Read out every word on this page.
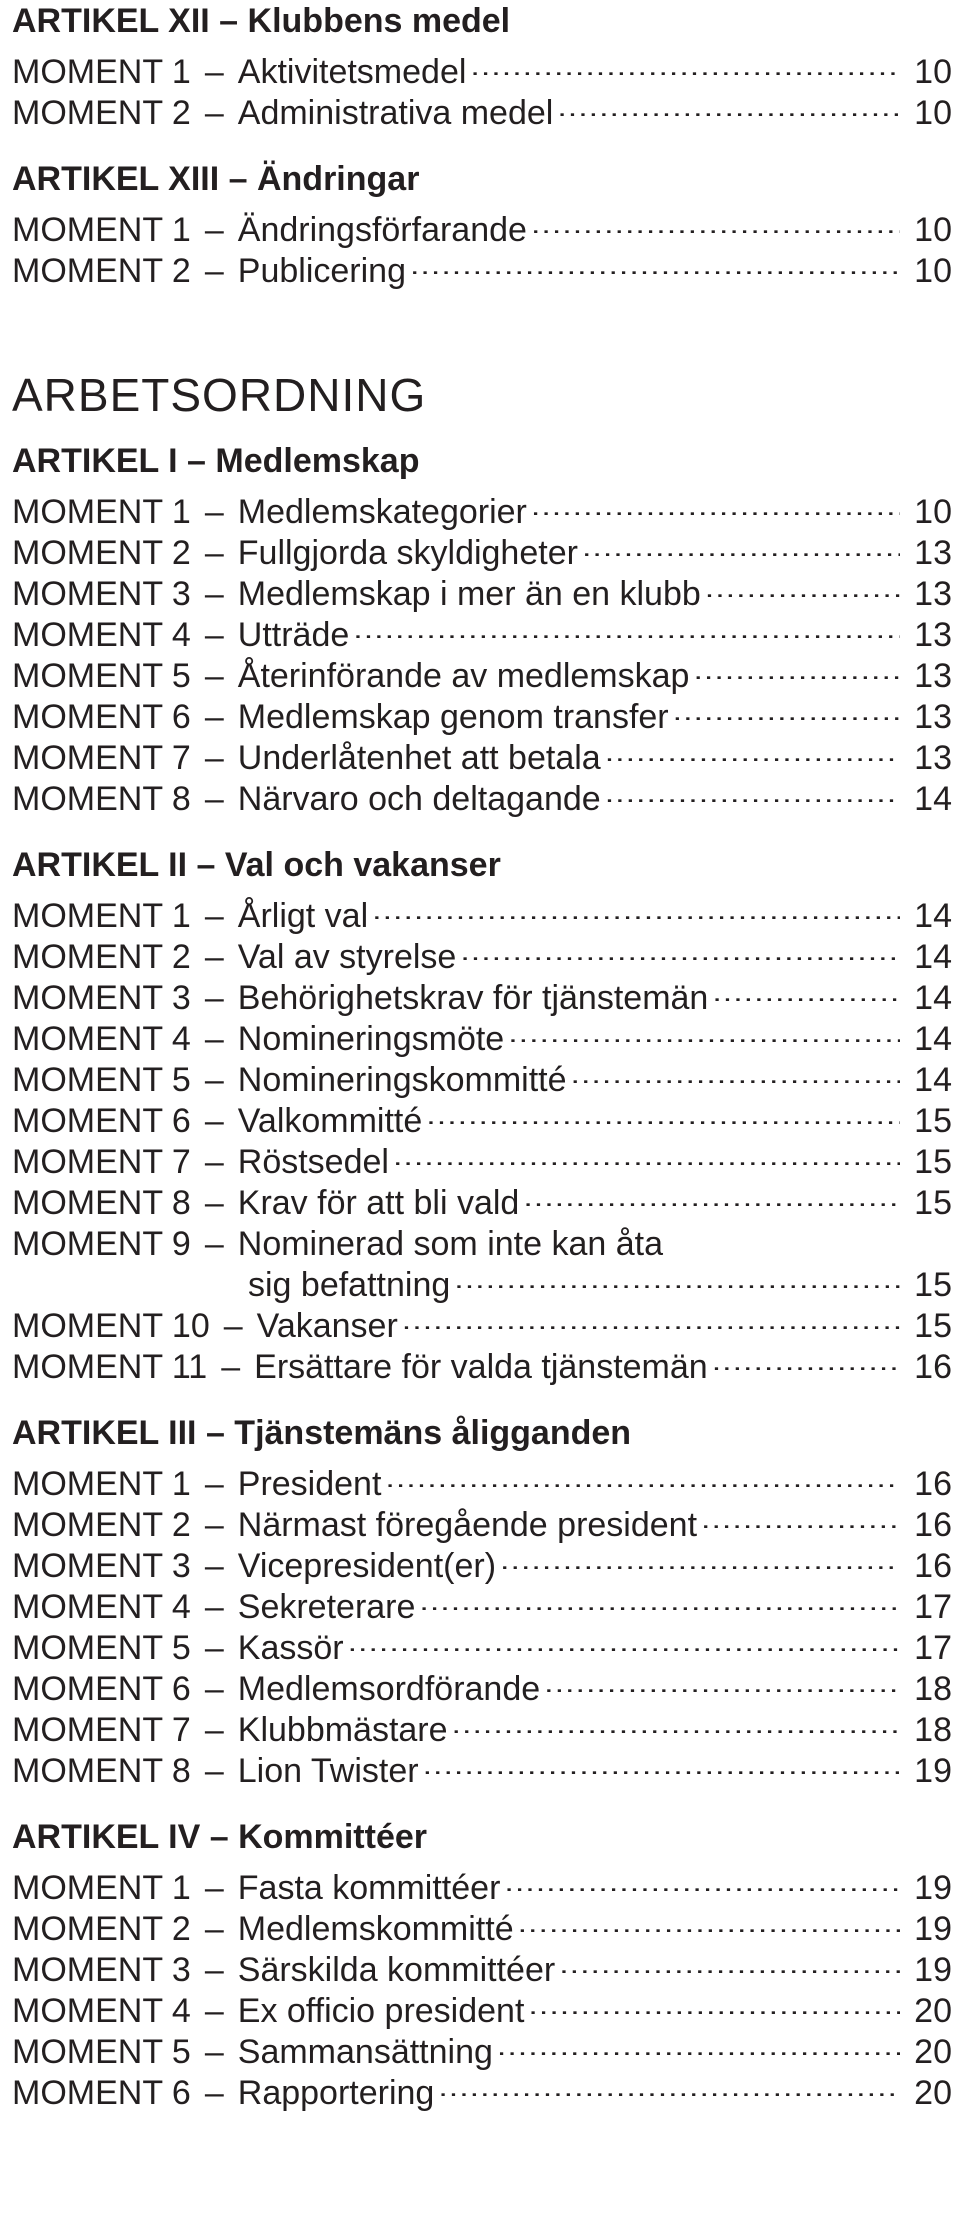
ARTIKEL XII – Klubbens medel
MOMENT 1 – Aktivitetsmedel .....	10
MOMENT 2 – Administrativa medel .....	10
ARTIKEL XIII – Ändringar
MOMENT 1 – Ändringsförfarande .....	10
MOMENT 2 – Publicering .....	10
ARBETSORDNING
ARTIKEL I – Medlemskap
MOMENT 1 – Medlemskategorier .....	10
MOMENT 2 – Fullgjorda skyldigheter .....	13
MOMENT 3 – Medlemskap i mer än en klubb .....	13
MOMENT 4 – Utträde .....	13
MOMENT 5 – Återinförande av medlemskap .....	13
MOMENT 6 – Medlemskap genom transfer .....	13
MOMENT 7 – Underlåtenhet att betala .....	13
MOMENT 8 – Närvaro och deltagande .....	14
ARTIKEL II – Val och vakanser
MOMENT 1 – Årligt val .....	14
MOMENT 2 – Val av styrelse .....	14
MOMENT 3 – Behörighetskrav för tjänstemän .....	14
MOMENT 4 – Nomineringsmöte .....	14
MOMENT 5 – Nomineringskommitté .....	14
MOMENT 6 – Valkommitté .....	15
MOMENT 7 – Röstsedel .....	15
MOMENT 8 – Krav för att bli vald .....	15
MOMENT 9 – Nominerad som inte kan åta
sig befattning .....	15
MOMENT 10 – Vakanser .....	15
MOMENT 11 – Ersättare för valda tjänstemän .....	16
ARTIKEL III – Tjänstemäns åligganden
MOMENT 1 – President .....	16
MOMENT 2 – Närmast föregående president .....	16
MOMENT 3 – Vicepresident(er) .....	16
MOMENT 4 – Sekreterare .....	17
MOMENT 5 – Kassör .....	17
MOMENT 6 – Medlemsordförande .....	18
MOMENT 7 – Klubbmästare .....	18
MOMENT 8 – Lion Twister .....	19
ARTIKEL IV – Kommittéer
MOMENT 1 – Fasta kommittéer .....	19
MOMENT 2 – Medlemskommitté .....	19
MOMENT 3 – Särskilda kommittéer .....	19
MOMENT 4 – Ex officio president .....	20
MOMENT 5 – Sammansättning .....	20
MOMENT 6 – Rapportering .....	20
